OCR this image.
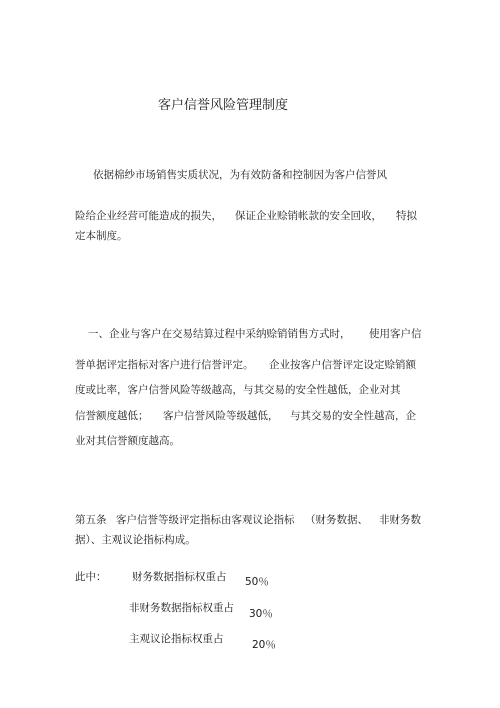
客户信誉风险管理制度
依据棉纱市场销售实质状况，为有效防备和控制因为客户信誉风
险给企业经营可能造成的损失， 保证企业赊销帐款的安全回收， 特拟
定本制度。
一、企业与客户在交易结算过程中采纳赊销销售方式时， 使用客户信
誉单据评定指标对客户进行信誉评定。 企业按客户信誉评定设定赊销额
度或比率，客户信誉风险等级越高，与其交易的安全性越低，企业对其
信誉额度越低； 客户信誉风险等级越低， 与其交易的安全性越高，企
业对其信誉额度越高。
第五条 客户信誉等级评定指标由客观议论指标 （财务数据、 非财务数
据）、主观议论指标构成。
此中： 财务数据指标权重占 50％
非财务数据指标权重占 30％
主观议论指标权重占	20％
